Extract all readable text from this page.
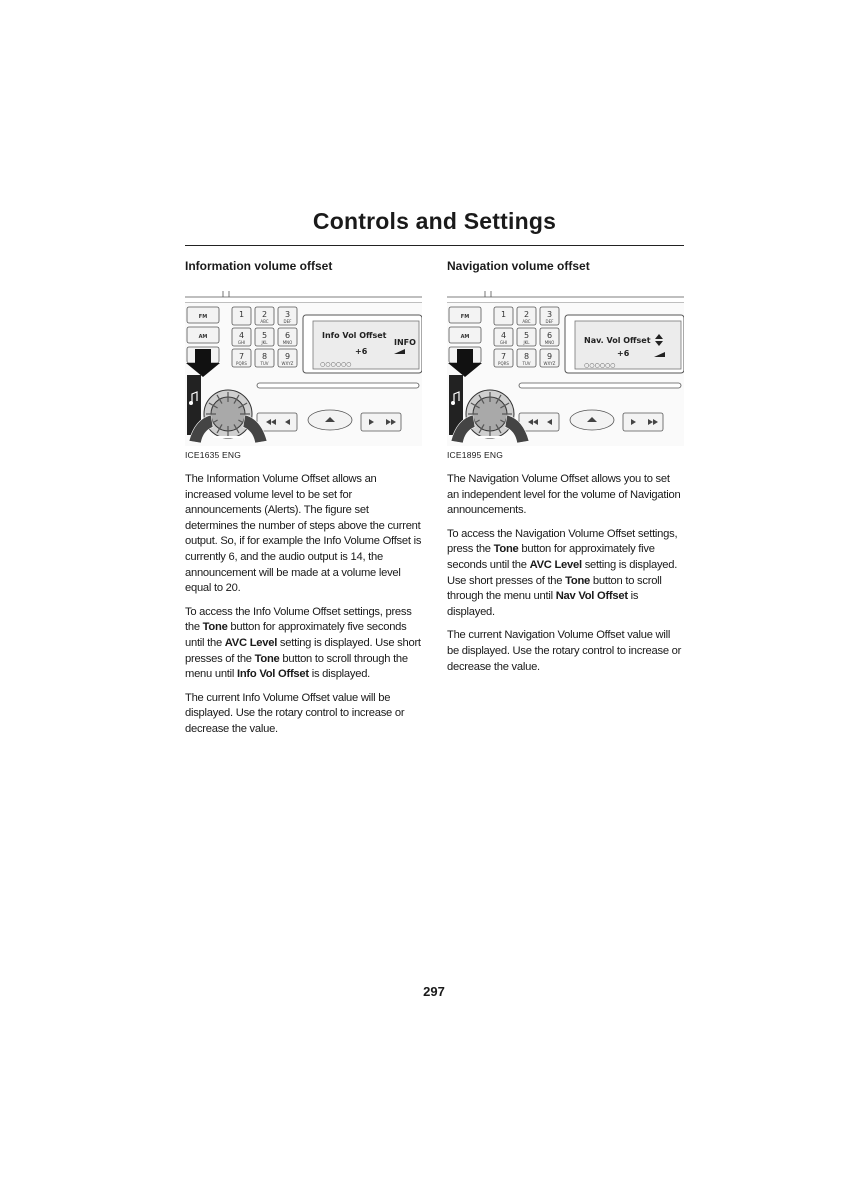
Controls and Settings
Information volume offset
FM
AM
1 2
ABC
3
DEF
4
GHI
5
JKL
6
MNO
7
PQRS
8
TUV
9
WXYZ
Info Vol Offset
+6
INFO
○○○○○○
ICE1635 ENG

The Information Volume Offset allows an increased volume level to be set for announcements (Alerts). The figure set determines the number of steps above the current output. So, if for example the Info Volume Offset is currently 6, and the audio output is 14, the announcement will be made at a volume level equal to 20.

To access the Info Volume Offset settings, press the Tone button for approximately five seconds until the AVC Level setting is displayed. Use short presses of the Tone button to scroll through the menu until Info Vol Offset is displayed.

The current Info Volume Offset value will be displayed. Use the rotary control to increase or decrease the value.

Navigation volume offset
FM
AM
1 2
ABC
3
DEF
4
GHI
5
JKL
6
MNO
7
PQRS
8
TUV
9
WXYZ
Nav. Vol Offset
+6
○○○○○○
ICE1895 ENG

The Navigation Volume Offset allows you to set an independent level for the volume of Navigation announcements.

To access the Navigation Volume Offset settings, press the Tone button for approximately five seconds until the AVC Level setting is displayed. Use short presses of the Tone button to scroll through the menu until Nav Vol Offset is displayed.

The current Navigation Volume Offset value will be displayed. Use the rotary control to increase or decrease the value.

297
